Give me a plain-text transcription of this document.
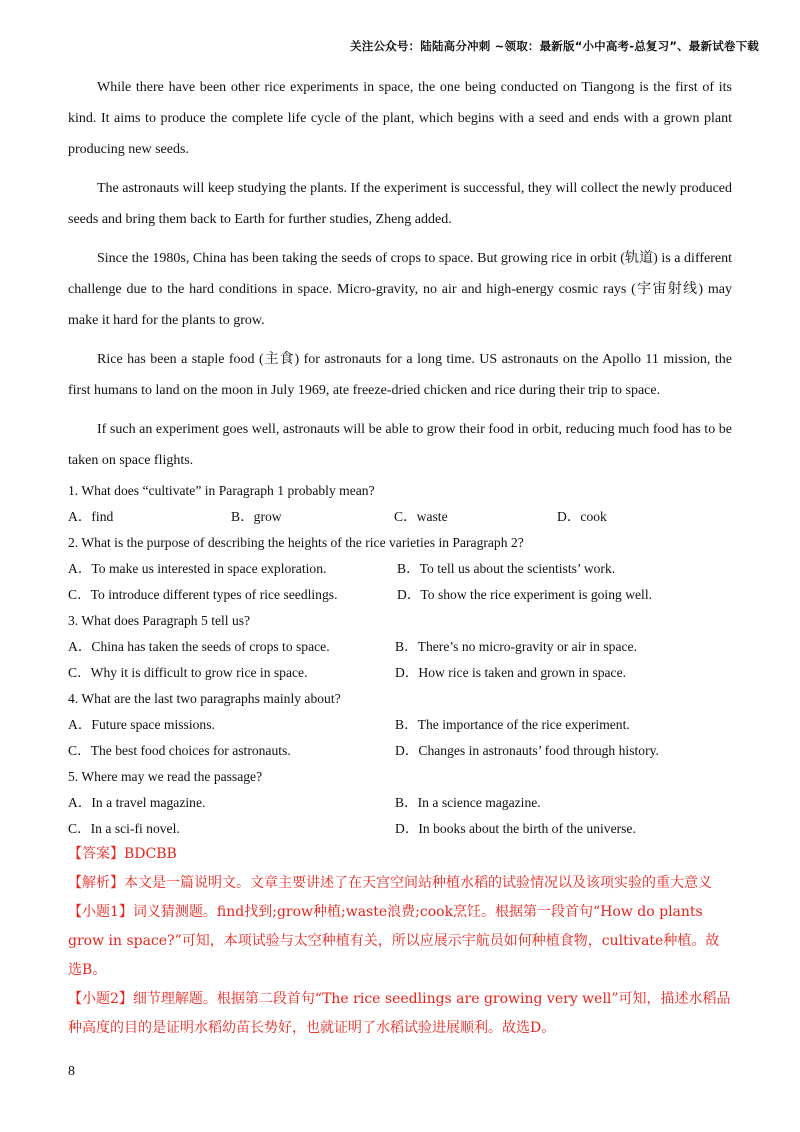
关注公众号：陆陆高分冲刺 ~领取：最新版“小中高考-总复习”、最新试卷下载

While there have been other rice experiments in space, the one being conducted on Tiangong is the first of its kind. It aims to produce the complete life cycle of the plant, which begins with a seed and ends with a grown plant producing new seeds.

The astronauts will keep studying the plants. If the experiment is successful, they will collect the newly produced seeds and bring them back to Earth for further studies, Zheng added.

Since the 1980s, China has been taking the seeds of crops to space. But growing rice in orbit (轨道) is a different challenge due to the hard conditions in space. Micro-gravity, no air and high-energy cosmic rays (宇宙射线) may make it hard for the plants to grow.

Rice has been a staple food (主食) for astronauts for a long time. US astronauts on the Apollo 11 mission, the first humans to land on the moon in July 1969, ate freeze-dried chicken and rice during their trip to space.

If such an experiment goes well, astronauts will be able to grow their food in orbit, reducing much food has to be taken on space flights.

1. What does “cultivate” in Paragraph 1 probably mean?
A．find	B．grow	C．waste	D．cook
2. What is the purpose of describing the heights of the rice varieties in Paragraph 2?
A．To make us interested in space exploration.	B．To tell us about the scientists’ work.
C．To introduce different types of rice seedlings.	D．To show the rice experiment is going well.
3. What does Paragraph 5 tell us?
A．China has taken the seeds of crops to space.	B．There’s no micro-gravity or air in space.
C．Why it is difficult to grow rice in space.	D．How rice is taken and grown in space.
4. What are the last two paragraphs mainly about?
A．Future space missions.	B．The importance of the rice experiment.
C．The best food choices for astronauts.	D．Changes in astronauts’ food through history.
5. Where may we read the passage?
A．In a travel magazine.	B．In a science magazine.
C．In a sci-fi novel.	D．In books about the birth of the universe.
【答案】BDCBB
【解析】本文是一篇说明文。文章主要讲述了在天宫空间站种植水稻的试验情况以及该项实验的重大意义
【小题1】词义猜测题。find找到;grow种植;waste浪费;cook烹饪。根据第一段首句“How do plants grow in space?”可知，本项试验与太空种植有关，所以应展示宇航员如何种植食物，cultivate种植。故选B。
【小题2】细节理解题。根据第二段首句“The rice seedlings are growing very well”可知，描述水稻品种高度的目的是证明水稻幼苗长势好，也就证明了水稻试验进展顺利。故选D。
8
